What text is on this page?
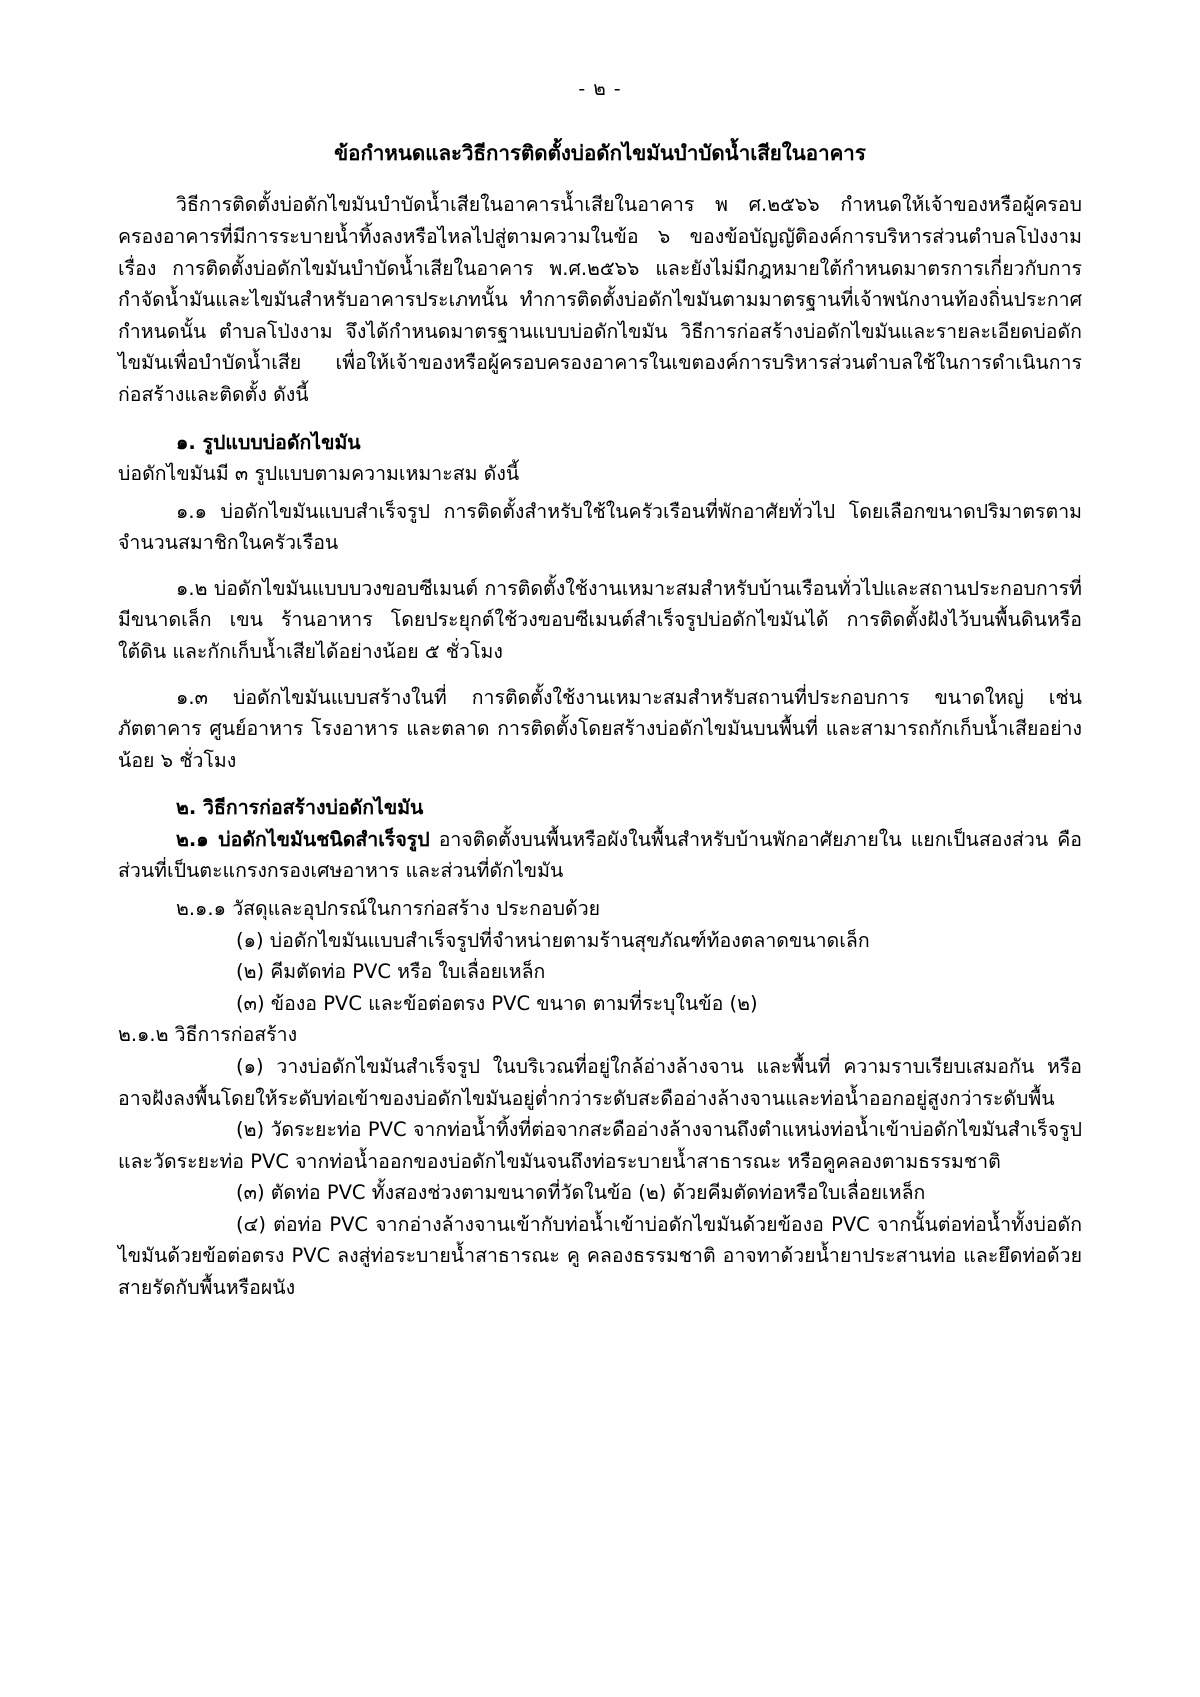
- ๒ -
ข้อกำหนดและวิธีการติดตั้งบ่อดักไขมันบำบัดน้ำเสียในอาคาร

วิธีการติดตั้งบ่อดักไขมันบำบัดน้ำเสียในอาคารน้ำเสียในอาคาร พ ศ.๒๕๖๖ กำหนดให้เจ้าของหรือผู้ครอบครองอาคารที่มีการระบายน้ำทิ้งลงหรือไหลไปสู่ตามความในข้อ ๖ ของข้อบัญญัติองค์การบริหารส่วนตำบลโป่งงาม เรื่อง การติดตั้งบ่อดักไขมันบำบัดน้ำเสียในอาคาร พ.ศ.๒๕๖๖ และยังไม่มีกฎหมายใต้กำหนดมาตรการเกี่ยวกับการกำจัดน้ำมันและไขมันสำหรับอาคารประเภทนั้น ทำการติดตั้งบ่อดักไขมันตามมาตรฐานที่เจ้าพนักงานท้องถิ่นประกาศกำหนดนั้น ตำบลโป่งงาม จึงได้กำหนดมาตรฐานแบบบ่อดักไขมัน วิธีการก่อสร้างบ่อดักไขมันและรายละเอียดบ่อดักไขมันเพื่อบำบัดน้ำเสีย เพื่อให้เจ้าของหรือผู้ครอบครองอาคารในเขตองค์การบริหารส่วนตำบลใช้ในการดำเนินการก่อสร้างและติดตั้ง ดังนี้

๑. รูปแบบบ่อดักไขมัน

บ่อดักไขมันมี ๓ รูปแบบตามความเหมาะสม ดังนี้

๑.๑ บ่อดักไขมันแบบสำเร็จรูป การติดตั้งสำหรับใช้ในครัวเรือนที่พักอาศัยทั่วไป โดยเลือกขนาดปริมาตรตามจำนวนสมาชิกในครัวเรือน

๑.๒ บ่อดักไขมันแบบบวงขอบซีเมนต์ การติดตั้งใช้งานเหมาะสมสำหรับบ้านเรือนทั่วไปและสถานประกอบการที่มีขนาดเล็ก เขน ร้านอาหาร โดยประยุกต์ใช้วงขอบซีเมนต์สำเร็จรูปบ่อดักไขมันได้ การติดตั้งฝังไว้บนพื้นดินหรือใต้ดิน และกักเก็บน้ำเสียได้อย่างน้อย ๕ ชั่วโมง

๑.๓ บ่อดักไขมันแบบสร้างในที่ การติดตั้งใช้งานเหมาะสมสำหรับสถานที่ประกอบการ ขนาดใหญ่ เช่น ภัตตาคาร ศูนย์อาหาร โรงอาหาร และตลาด การติดตั้งโดยสร้างบ่อดักไขมันบนพื้นที่ และสามารถกักเก็บน้ำเสียอย่างน้อย ๖ ชั่วโมง

๒. วิธีการก่อสร้างบ่อดักไขมัน

๒.๑ บ่อดักไขมันชนิดสำเร็จรูป อาจติดตั้งบนพื้นหรือผังในพื้นสำหรับบ้านพักอาศัยภายใน แยกเป็นสองส่วน คือ ส่วนที่เป็นตะแกรงกรองเศษอาหาร และส่วนที่ดักไขมัน

๒.๑.๑ วัสดุและอุปกรณ์ในการก่อสร้าง ประกอบด้วย

(๑) บ่อดักไขมันแบบสำเร็จรูปที่จำหน่ายตามร้านสุขภัณฑ์ท้องตลาดขนาดเล็ก

(๒) คีมตัดท่อ PVC หรือ ใบเลื่อยเหล็ก

(๓) ข้องอ PVC และข้อต่อตรง PVC ขนาด ตามที่ระบุในข้อ (๒)

๒.๑.๒ วิธีการก่อสร้าง

(๑) วางบ่อดักไขมันสำเร็จรูป ในบริเวณที่อยู่ใกล้อ่างล้างจาน และพื้นที่ ความราบเรียบเสมอกัน หรืออาจฝังลงพื้นโดยให้ระดับท่อเข้าของบ่อดักไขมันอยู่ต่ำกว่าระดับสะดืออ่างล้างจานและท่อน้ำออกอยู่สูงกว่าระดับพื้น

(๒) วัดระยะท่อ PVC จากท่อน้ำทิ้งที่ต่อจากสะดืออ่างล้างจานถึงตำแหน่งท่อน้ำเข้าบ่อดักไขมันสำเร็จรูป และวัดระยะท่อ PVC จากท่อน้ำออกของบ่อดักไขมันจนถึงท่อระบายน้ำสาธารณะ หรือคูคลองตามธรรมชาติ

(๓) ตัดท่อ PVC ทั้งสองช่วงตามขนาดที่วัดในข้อ (๒) ด้วยคีมตัดท่อหรือใบเลื่อยเหล็ก

(๔) ต่อท่อ PVC จากอ่างล้างจานเข้ากับท่อน้ำเข้าบ่อดักไขมันด้วยข้องอ PVC จากนั้นต่อท่อน้ำทั้งบ่อดักไขมันด้วยข้อต่อตรง PVC ลงสู่ท่อระบายน้ำสาธารณะ คู คลองธรรมชาติ อาจทาด้วยน้ำยาประสานท่อ และยึดท่อด้วยสายรัดกับพื้นหรือผนัง
